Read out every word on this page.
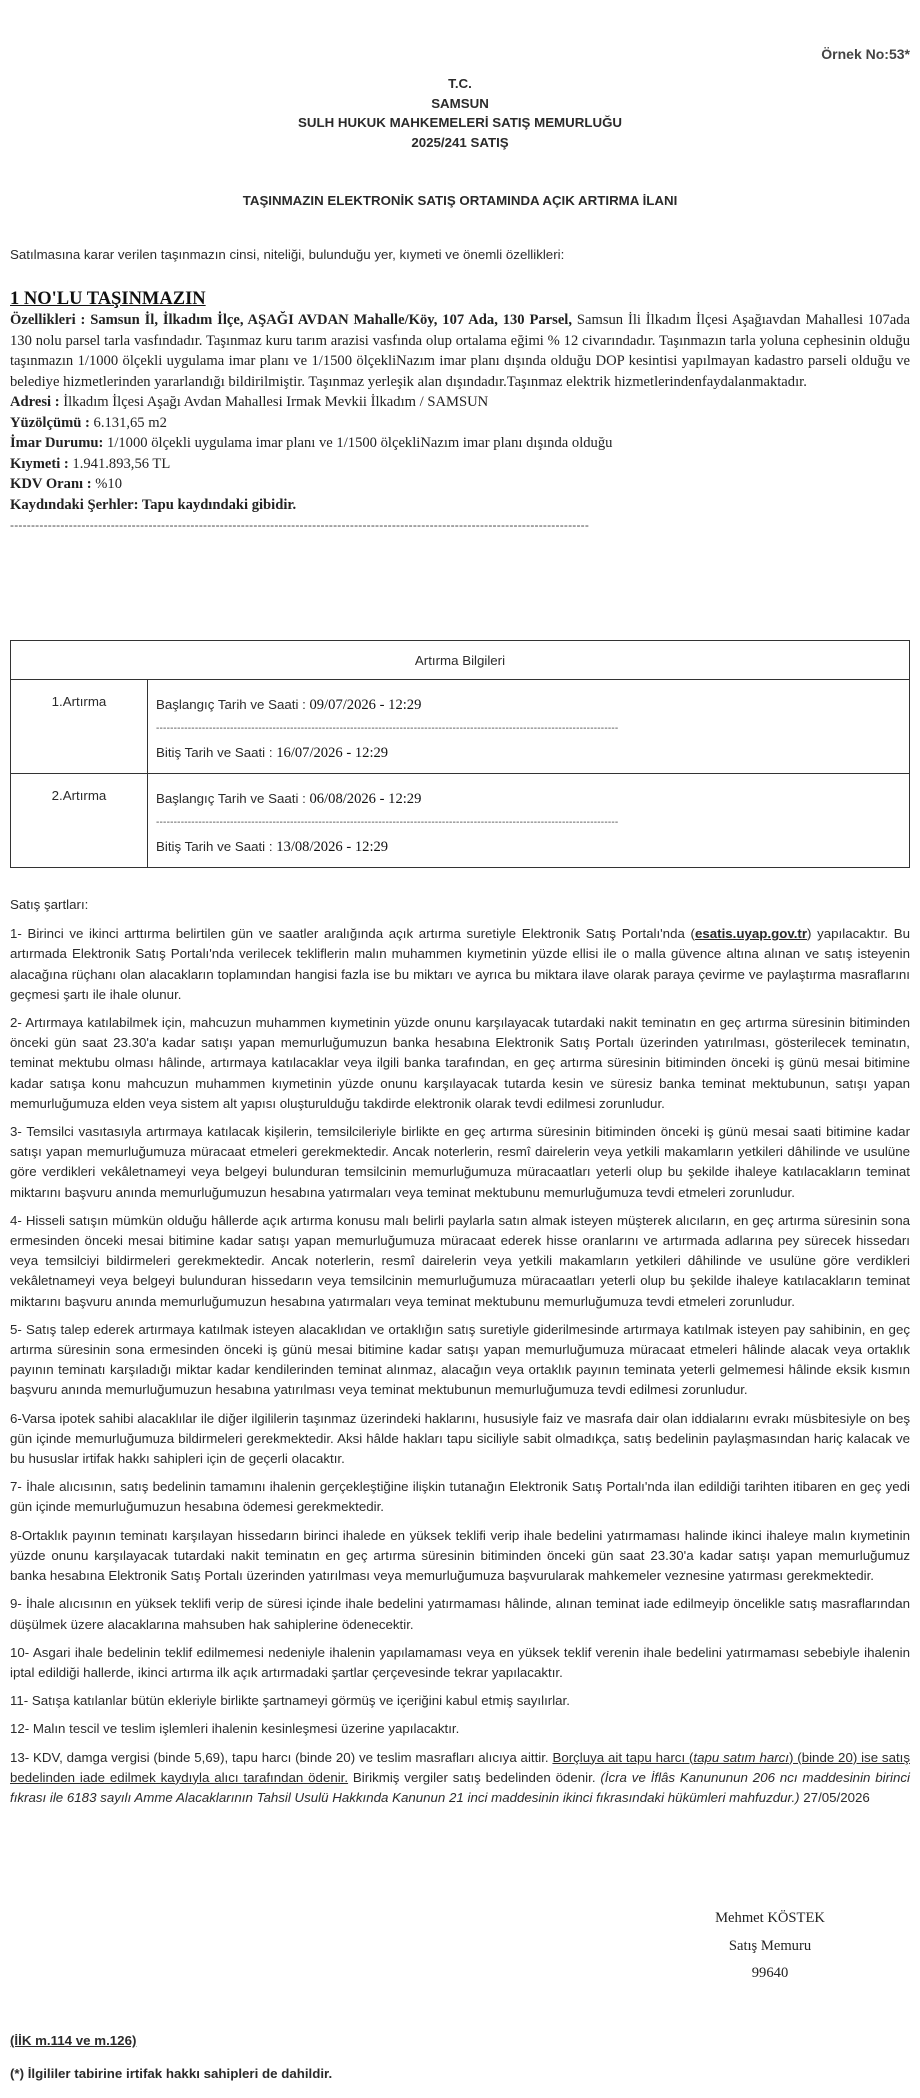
Örnek No:53*
T.C.
SAMSUN
SULH HUKUK MAHKEMELERİ SATIŞ MEMURLUĞU
2025/241 SATIŞ
TAŞINMAZIN ELEKTRONİK SATIŞ ORTAMINDA AÇIK ARTIRMA İLANI
Satılmasına karar verilen taşınmazın cinsi, niteliği, bulunduğu yer, kıymeti ve önemli özellikleri:
1 NO'LU TAŞINMAZIN
Özellikleri : Samsun İl, İlkadım İlçe, AŞAĞI AVDAN Mahalle/Köy, 107 Ada, 130 Parsel, Samsun İli İlkadım İlçesi Aşağıavdan Mahallesi 107ada 130 nolu parsel tarla vasfındadır. Taşınmaz kuru tarım arazisi vasfında olup ortalama eğimi % 12 civarındadır. Taşınmazın tarla yoluna cephesinin olduğu taşınmazın 1/1000 ölçekli uygulama imar planı ve 1/1500 ölçekliNazım imar planı dışında olduğu DOP kesintisi yapılmayan kadastro parseli olduğu ve belediye hizmetlerinden yararlandığı bildirilmiştir. Taşınmaz yerleşik alan dışındadır.Taşınmaz elektrik hizmetlerindenfaydalanmaktadır.
Adresi : İlkadım İlçesi Aşağı Avdan Mahallesi Irmak Mevkii İlkadım / SAMSUN
Yüzölçümü : 6.131,65 m2
İmar Durumu: 1/1000 ölçekli uygulama imar planı ve 1/1500 ölçekliNazım imar planı dışında olduğu
Kıymeti : 1.941.893,56 TL
KDV Oranı : %10
Kaydındaki Şerhler: Tapu kaydındaki gibidir.
------------------------------------------------------------------------------------------------------------------------------------------
Artırma Bilgileri	
1.Artırma	Başlangıç Tarih ve Saati : 09/07/2026 - 12:29
-----------------------------------------------------------------------------------------------------------------------------------
Bitiş Tarih ve Saati : 16/07/2026 - 12:29

2.Artırma	Başlangıç Tarih ve Saati : 06/08/2026 - 12:29
-----------------------------------------------------------------------------------------------------------------------------------
Bitiş Tarih ve Saati : 13/08/2026 - 12:29

Satış şartları:

1- Birinci ve ikinci arttırma belirtilen gün ve saatler aralığında açık artırma suretiyle Elektronik Satış Portalı'nda (esatis.uyap.gov.tr) yapılacaktır. Bu artırmada Elektronik Satış Portalı'nda verilecek tekliflerin malın muhammen kıymetinin yüzde ellisi ile o malla güvence altına alınan ve satış isteyenin alacağına rüçhanı olan alacakların toplamından hangisi fazla ise bu miktarı ve ayrıca bu miktara ilave olarak paraya çevirme ve paylaştırma masraflarını geçmesi şartı ile ihale olunur.

2- Artırmaya katılabilmek için, mahcuzun muhammen kıymetinin yüzde onunu karşılayacak tutardaki nakit teminatın en geç artırma süresinin bitiminden önceki gün saat 23.30'a kadar satışı yapan memurluğumuzun banka hesabına Elektronik Satış Portalı üzerinden yatırılması, gösterilecek teminatın, teminat mektubu olması hâlinde, artırmaya katılacaklar veya ilgili banka tarafından, en geç artırma süresinin bitiminden önceki iş günü mesai bitimine kadar satışa konu mahcuzun muhammen kıymetinin yüzde onunu karşılayacak tutarda kesin ve süresiz banka teminat mektubunun, satışı yapan memurluğumuza elden veya sistem alt yapısı oluşturulduğu takdirde elektronik olarak tevdi edilmesi zorunludur.

3- Temsilci vasıtasıyla artırmaya katılacak kişilerin, temsilcileriyle birlikte en geç artırma süresinin bitiminden önceki iş günü mesai saati bitimine kadar satışı yapan memurluğumuza müracaat etmeleri gerekmektedir. Ancak noterlerin, resmî dairelerin veya yetkili makamların yetkileri dâhilinde ve usulüne göre verdikleri vekâletnameyi veya belgeyi bulunduran temsilcinin memurluğumuza müracaatları yeterli olup bu şekilde ihaleye katılacakların teminat miktarını başvuru anında memurluğumuzun hesabına yatırmaları veya teminat mektubunu memurluğumuza tevdi etmeleri zorunludur.

4- Hisseli satışın mümkün olduğu hâllerde açık artırma konusu malı belirli paylarla satın almak isteyen müşterek alıcıların, en geç artırma süresinin sona ermesinden önceki mesai bitimine kadar satışı yapan memurluğumuza müracaat ederek hisse oranlarını ve artırmada adlarına pey sürecek hissedarı veya temsilciyi bildirmeleri gerekmektedir. Ancak noterlerin, resmî dairelerin veya yetkili makamların yetkileri dâhilinde ve usulüne göre verdikleri vekâletnameyi veya belgeyi bulunduran hissedarın veya temsilcinin memurluğumuza müracaatları yeterli olup bu şekilde ihaleye katılacakların teminat miktarını başvuru anında memurluğumuzun hesabına yatırmaları veya teminat mektubunu memurluğumuza tevdi etmeleri zorunludur.

5- Satış talep ederek artırmaya katılmak isteyen alacaklıdan ve ortaklığın satış suretiyle giderilmesinde artırmaya katılmak isteyen pay sahibinin, en geç artırma süresinin sona ermesinden önceki iş günü mesai bitimine kadar satışı yapan memurluğumuza müracaat etmeleri hâlinde alacak veya ortaklık payının teminatı karşıladığı miktar kadar kendilerinden teminat alınmaz, alacağın veya ortaklık payının teminata yeterli gelmemesi hâlinde eksik kısmın başvuru anında memurluğumuzun hesabına yatırılması veya teminat mektubunun memurluğumuza tevdi edilmesi zorunludur.

6-Varsa ipotek sahibi alacaklılar ile diğer ilgililerin taşınmaz üzerindeki haklarını, hususiyle faiz ve masrafa dair olan iddialarını evrakı müsbitesiyle on beş gün içinde memurluğumuza bildirmeleri gerekmektedir. Aksi hâlde hakları tapu siciliyle sabit olmadıkça, satış bedelinin paylaşmasından hariç kalacak ve bu hususlar irtifak hakkı sahipleri için de geçerli olacaktır.

7- İhale alıcısının, satış bedelinin tamamını ihalenin gerçekleştiğine ilişkin tutanağın Elektronik Satış Portalı'nda ilan edildiği tarihten itibaren en geç yedi gün içinde memurluğumuzun hesabına ödemesi gerekmektedir.

8-Ortaklık payının teminatı karşılayan hissedarın birinci ihalede en yüksek teklifi verip ihale bedelini yatırmaması halinde ikinci ihaleye malın kıymetinin yüzde onunu karşılayacak tutardaki nakit teminatın en geç artırma süresinin bitiminden önceki gün saat 23.30'a kadar satışı yapan memurluğumuz banka hesabına Elektronik Satış Portalı üzerinden yatırılması veya memurluğumuza başvurularak mahkemeler veznesine yatırması gerekmektedir.

9- İhale alıcısının en yüksek teklifi verip de süresi içinde ihale bedelini yatırmaması hâlinde, alınan teminat iade edilmeyip öncelikle satış masraflarından düşülmek üzere alacaklarına mahsuben hak sahiplerine ödenecektir.

10- Asgari ihale bedelinin teklif edilmemesi nedeniyle ihalenin yapılamaması veya en yüksek teklif verenin ihale bedelini yatırmaması sebebiyle ihalenin iptal edildiği hallerde, ikinci artırma ilk açık artırmadaki şartlar çerçevesinde tekrar yapılacaktır.

11- Satışa katılanlar bütün ekleriyle birlikte şartnameyi görmüş ve içeriğini kabul etmiş sayılırlar.

12- Malın tescil ve teslim işlemleri ihalenin kesinleşmesi üzerine yapılacaktır.

13- KDV, damga vergisi (binde 5,69), tapu harcı (binde 20) ve teslim masrafları alıcıya aittir. Borçluya ait tapu harcı (tapu satım harcı) (binde 20) ise satış bedelinden iade edilmek kaydıyla alıcı tarafından ödenir. Birikmiş vergiler satış bedelinden ödenir. (İcra ve İflâs Kanununun 206 ncı maddesinin birinci fıkrası ile 6183 sayılı Amme Alacaklarının Tahsil Usulü Hakkında Kanunun 21 inci maddesinin ikinci fıkrasındaki hükümleri mahfuzdur.) 27/05/2026

Mehmet KÖSTEK
Satış Memuru
99640
(İİK m.114 ve m.126)
(*) İlgililer tabirine irtifak hakkı sahipleri de dahildir.
